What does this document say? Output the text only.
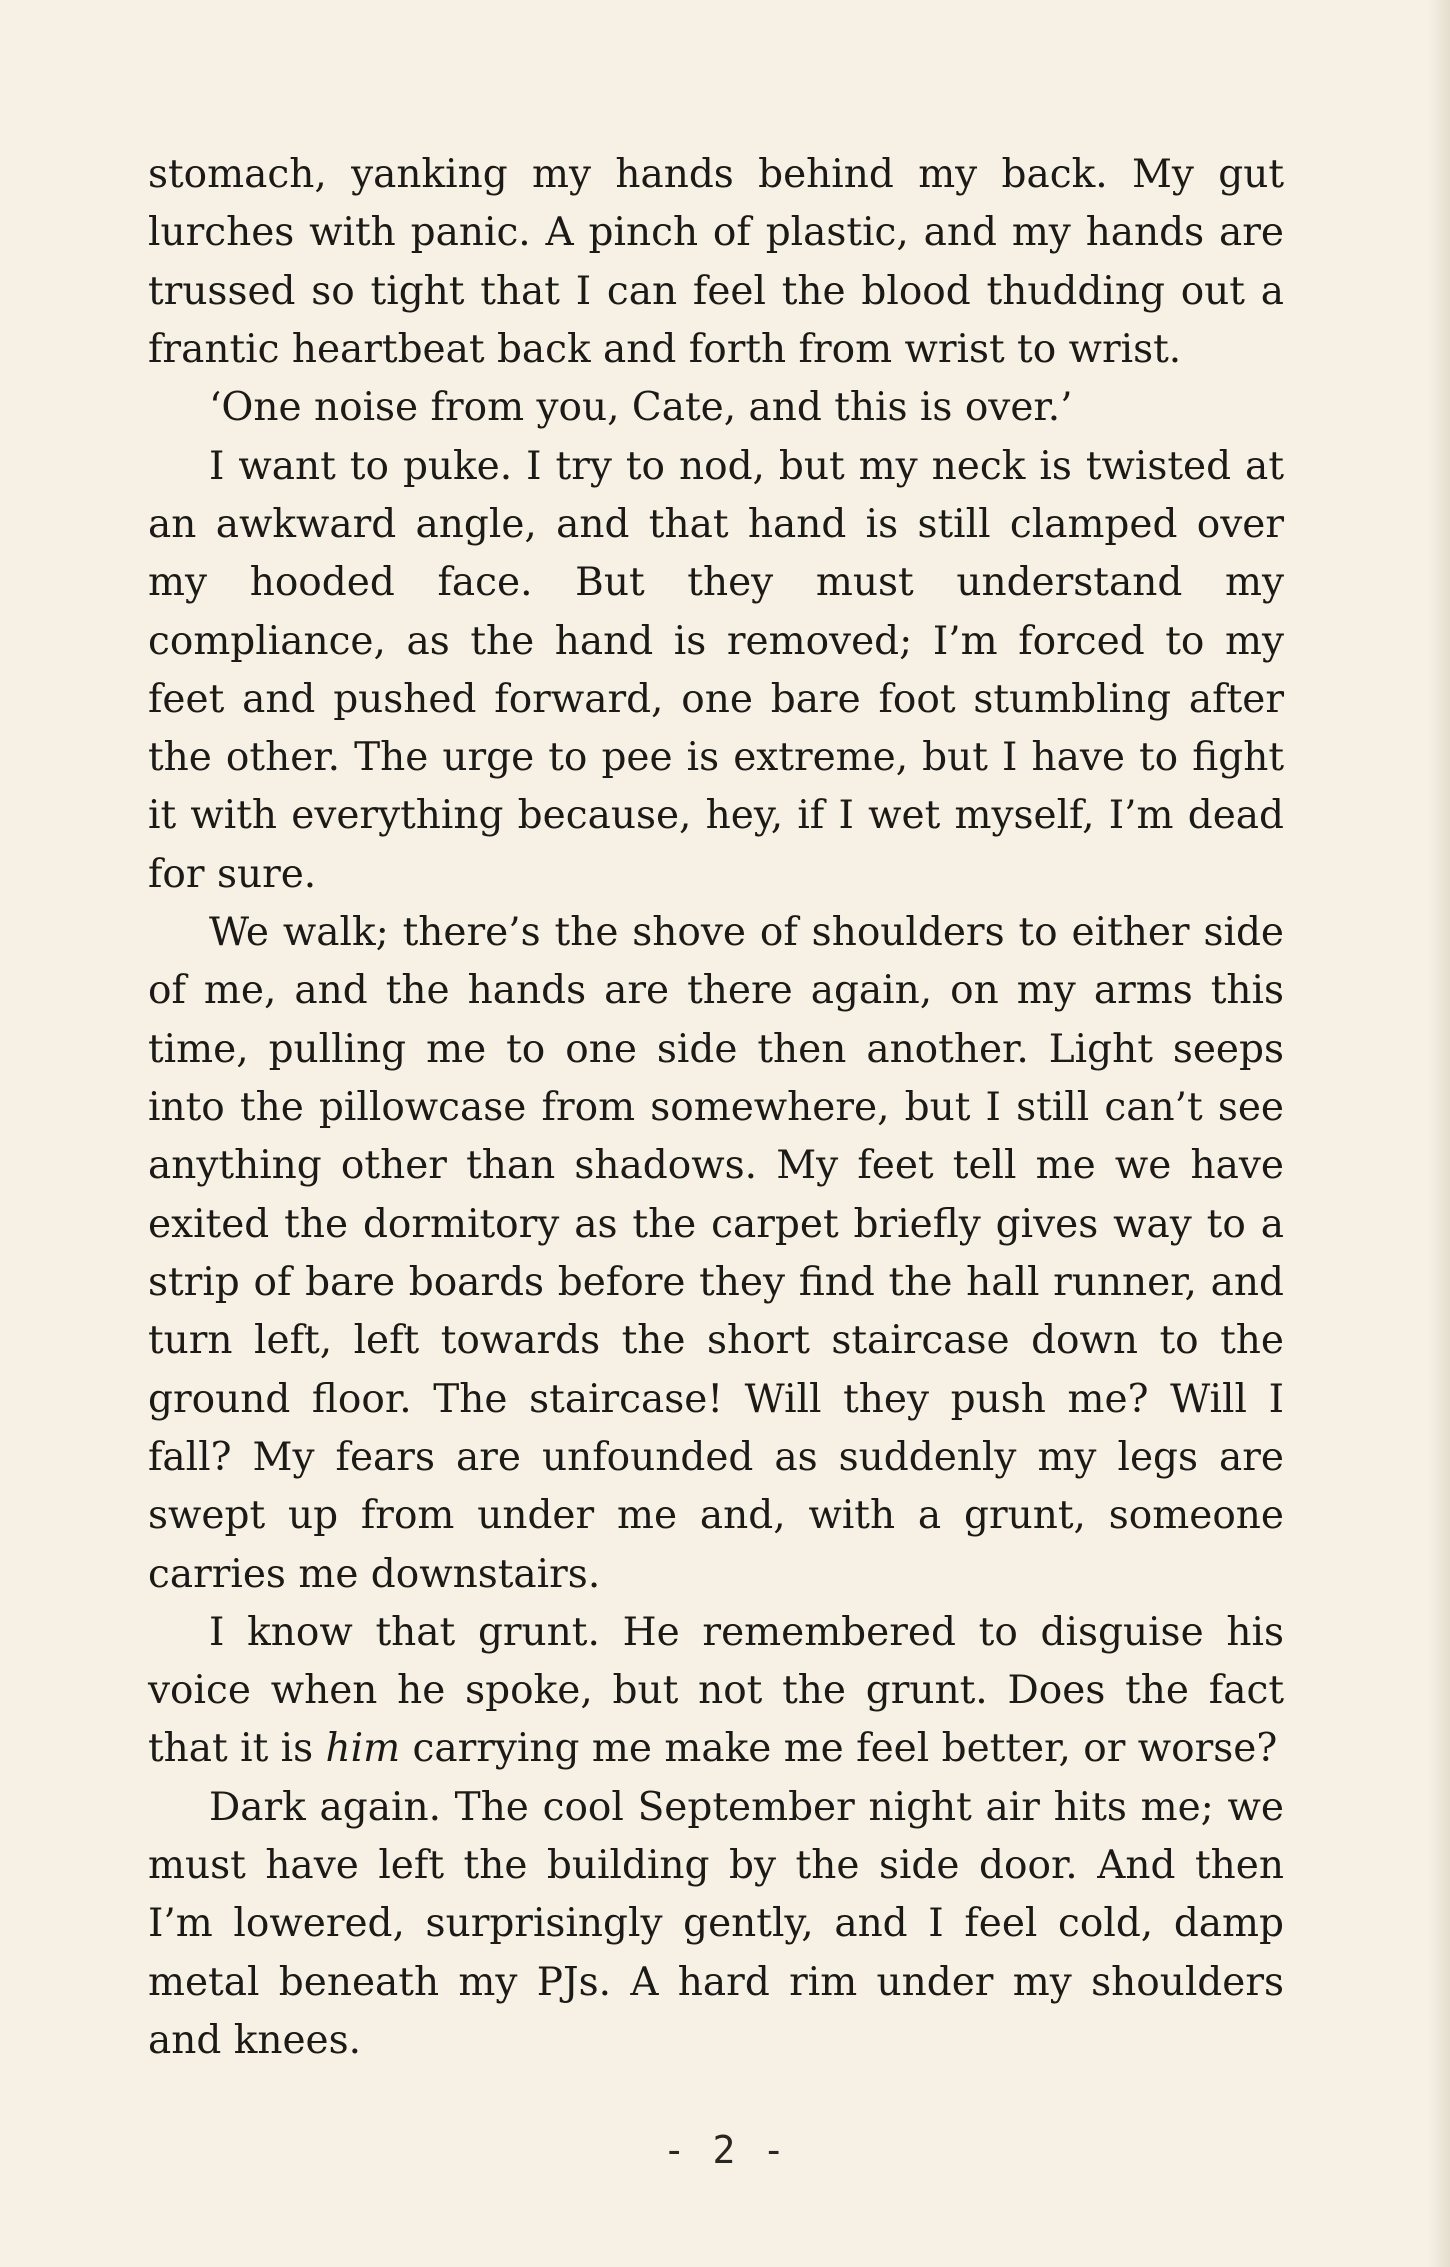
stomach, yanking my hands behind my back. My gut lurches with panic. A pinch of plastic, and my hands are trussed so tight that I can feel the blood thudding out a frantic heartbeat back and forth from wrist to wrist.

‘One noise from you, Cate, and this is over.’

I want to puke. I try to nod, but my neck is twisted at an awkward angle, and that hand is still clamped over my hooded face. But they must understand my compliance, as the hand is removed; I’m forced to my feet and pushed forward, one bare foot stumbling after the other. The urge to pee is extreme, but I have to fight it with everything because, hey, if I wet myself, I’m dead for sure.

We walk; there’s the shove of shoulders to either side of me, and the hands are there again, on my arms this time, pulling me to one side then another. Light seeps into the pillowcase from somewhere, but I still can’t see anything other than shadows. My feet tell me we have exited the dormitory as the carpet briefly gives way to a strip of bare boards before they find the hall runner, and turn left, left towards the short staircase down to the ground floor. The staircase! Will they push me? Will I fall? My fears are unfounded as suddenly my legs are swept up from under me and, with a grunt, someone carries me downstairs.

I know that grunt. He remembered to disguise his voice when he spoke, but not the grunt. Does the fact that it is him carrying me make me feel better, or worse?

Dark again. The cool September night air hits me; we must have left the building by the side door. And then I’m lowered, surprisingly gently, and I feel cold, damp metal beneath my PJs. A hard rim under my shoulders and knees.

- 2 -
